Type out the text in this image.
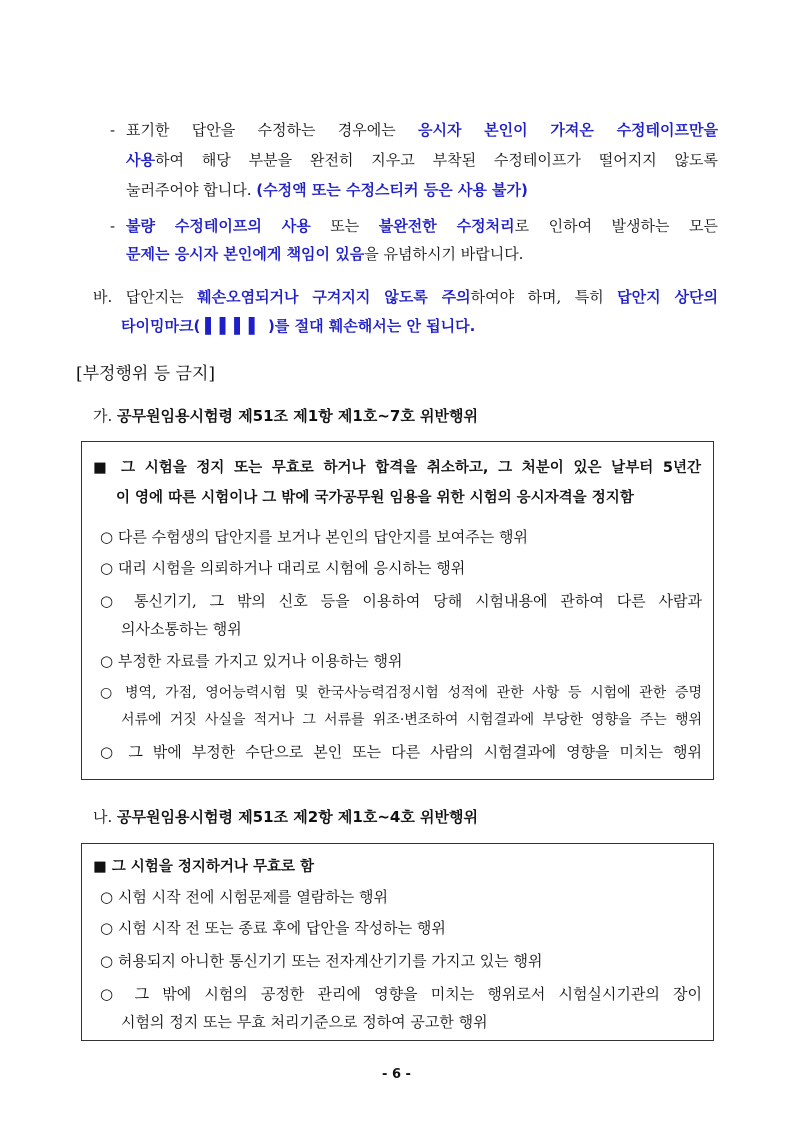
- 표기한 답안을 수정하는 경우에는 응시자 본인이 가져온 수정테이프만을
사용하여 해당 부분을 완전히 지우고 부착된 수정테이프가 떨어지지 않도록
눌러주어야 합니다. (수정액 또는 수정스티커 등은 사용 불가)
- 불량 수정테이프의 사용 또는 불완전한 수정처리로 인하여 발생하는 모든
문제는 응시자 본인에게 책임이 있음을 유념하시기 바랍니다.
바. 답안지는 훼손오염되거나 구겨지지 않도록 주의하여야 하며, 특히 답안지 상단의
타이밍마크( ▌▌▌▌ )를 절대 훼손해서는 안 됩니다.
[부정행위 등 금지]
가. 공무원임용시험령 제51조 제1항 제1호~7호 위반행위
■ 그 시험을 정지 또는 무효로 하거나 합격을 취소하고, 그 처분이 있은 날부터 5년간
이 영에 따른 시험이나 그 밖에 국가공무원 임용을 위한 시험의 응시자격을 정지함
○ 다른 수험생의 답안지를 보거나 본인의 답안지를 보여주는 행위
○ 대리 시험을 의뢰하거나 대리로 시험에 응시하는 행위
○ 통신기기, 그 밖의 신호 등을 이용하여 당해 시험내용에 관하여 다른 사람과
의사소통하는 행위
○ 부정한 자료를 가지고 있거나 이용하는 행위
○ 병역, 가점, 영어능력시험 및 한국사능력검정시험 성적에 관한 사항 등 시험에 관한 증명
서류에 거짓 사실을 적거나 그 서류를 위조·변조하여 시험결과에 부당한 영향을 주는 행위
○ 그 밖에 부정한 수단으로 본인 또는 다른 사람의 시험결과에 영향을 미치는 행위
나. 공무원임용시험령 제51조 제2항 제1호~4호 위반행위
■ 그 시험을 정지하거나 무효로 함
○ 시험 시작 전에 시험문제를 열람하는 행위
○ 시험 시작 전 또는 종료 후에 답안을 작성하는 행위
○ 허용되지 아니한 통신기기 또는 전자계산기기를 가지고 있는 행위
○ 그 밖에 시험의 공정한 관리에 영향을 미치는 행위로서 시험실시기관의 장이
시험의 정지 또는 무효 처리기준으로 정하여 공고한 행위
- 6 -
